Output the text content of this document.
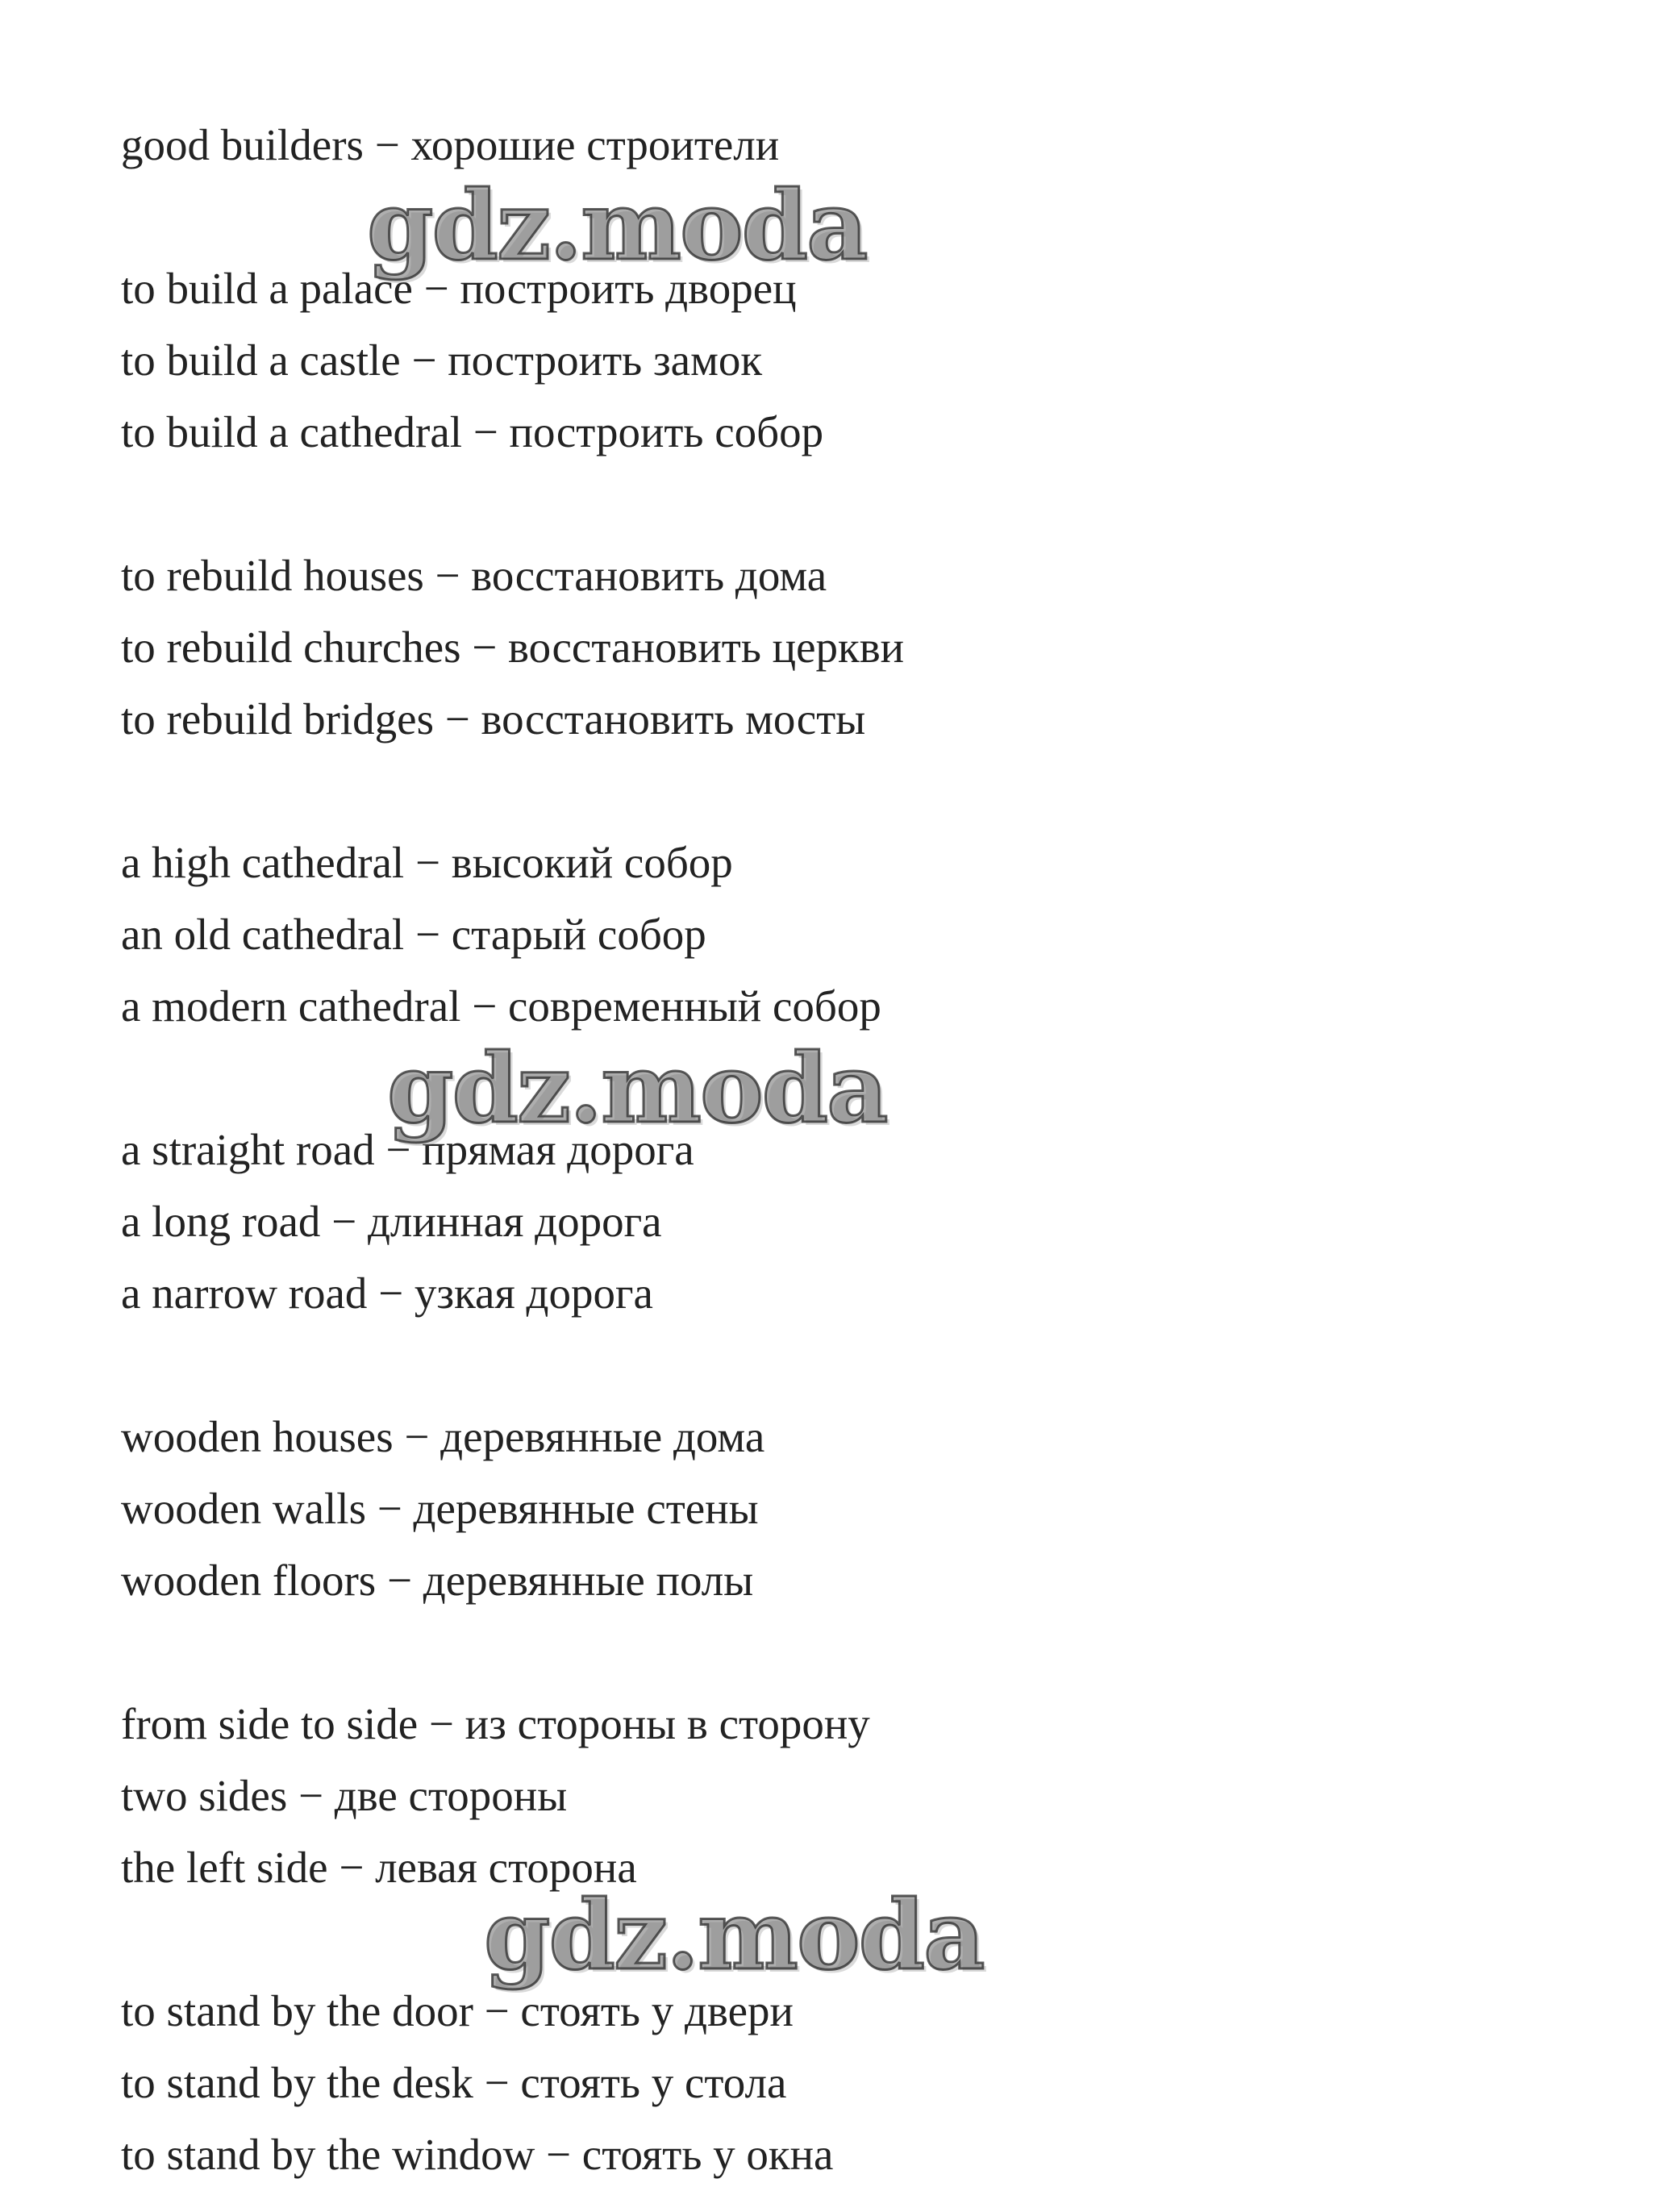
good builders − хорошие строители
to build a palace − построить дворец
to build a castle − построить замок
to build a cathedral − построить собор
to rebuild houses − восстановить дома
to rebuild churches − восстановить церкви
to rebuild bridges − восстановить мосты
a high cathedral − высокий собор
an old cathedral − старый собор
a modern cathedral − современный собор
a straight road − прямая дорога
a long road − длинная дорога
a narrow road − узкая дорога
wooden houses − деревянные дома
wooden walls − деревянные стены
wooden floors − деревянные полы
from side to side − из стороны в сторону
two sides − две стороны
the left side − левая сторона
to stand by the door − стоять у двери
to stand by the desk − стоять у стола
to stand by the window − стоять у окна
gdz.moda
gdz.moda
gdz.moda
